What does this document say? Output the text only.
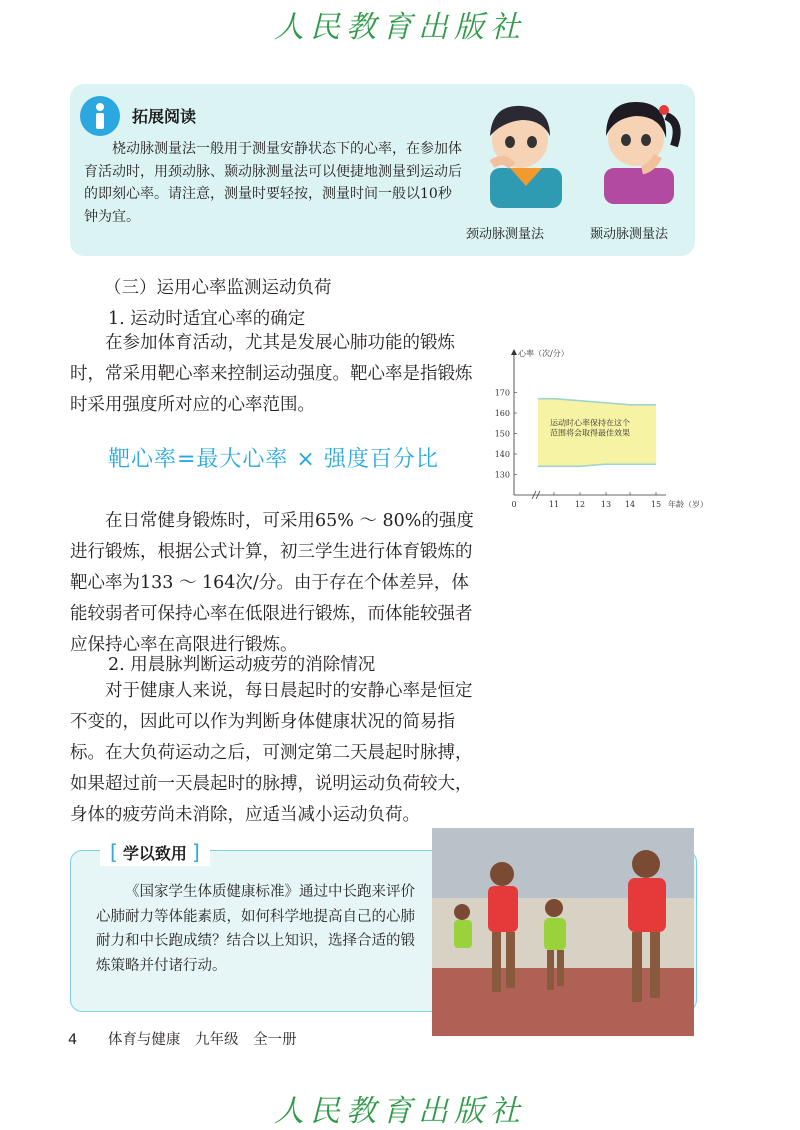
人民教育出版社
拓展阅读
桡动脉测量法一般用于测量安静状态下的心率，在参加体育活动时，用颈动脉、颞动脉测量法可以便捷地测量到运动后的即刻心率。请注意，测量时要轻按，测量时间一般以10秒钟为宜。
颈动脉测量法	颞动脉测量法
（三）运用心率监测运动负荷
1. 运动时适宜心率的确定
在参加体育活动，尤其是发展心肺功能的锻炼时，常采用靶心率来控制运动强度。靶心率是指锻炼时采用强度所对应的心率范围。
靶心率=最大心率 × 强度百分比
在日常健身锻炼时，可采用65% ～ 80%的强度进行锻炼，根据公式计算，初三学生进行体育锻炼的靶心率为133 ～ 164次/分。由于存在个体差异，体能较弱者可保持心率在低限进行锻炼，而体能较强者应保持心率在高限进行锻炼。
2. 用晨脉判断运动疲劳的消除情况
对于健康人来说，每日晨起时的安静心率是恒定不变的，因此可以作为判断身体健康状况的简易指标。在大负荷运动之后，可测定第二天晨起时脉搏，如果超过前一天晨起时的脉搏，说明运动负荷较大，身体的疲劳尚未消除，应适当减小运动负荷。
130
140
150
160
170
0	11 12 13 14 15
心率（次/分）
年龄（岁）
运动时心率保持在这个
范围将会取得最佳效果
[ 学以致用 ]
《国家学生体质健康标准》通过中长跑来评价心肺耐力等体能素质，如何科学地提高自己的心肺耐力和中长跑成绩？结合以上知识，选择合适的锻炼策略并付诸行动。
4 体育与健康 九年级 全一册
人民教育出版社
